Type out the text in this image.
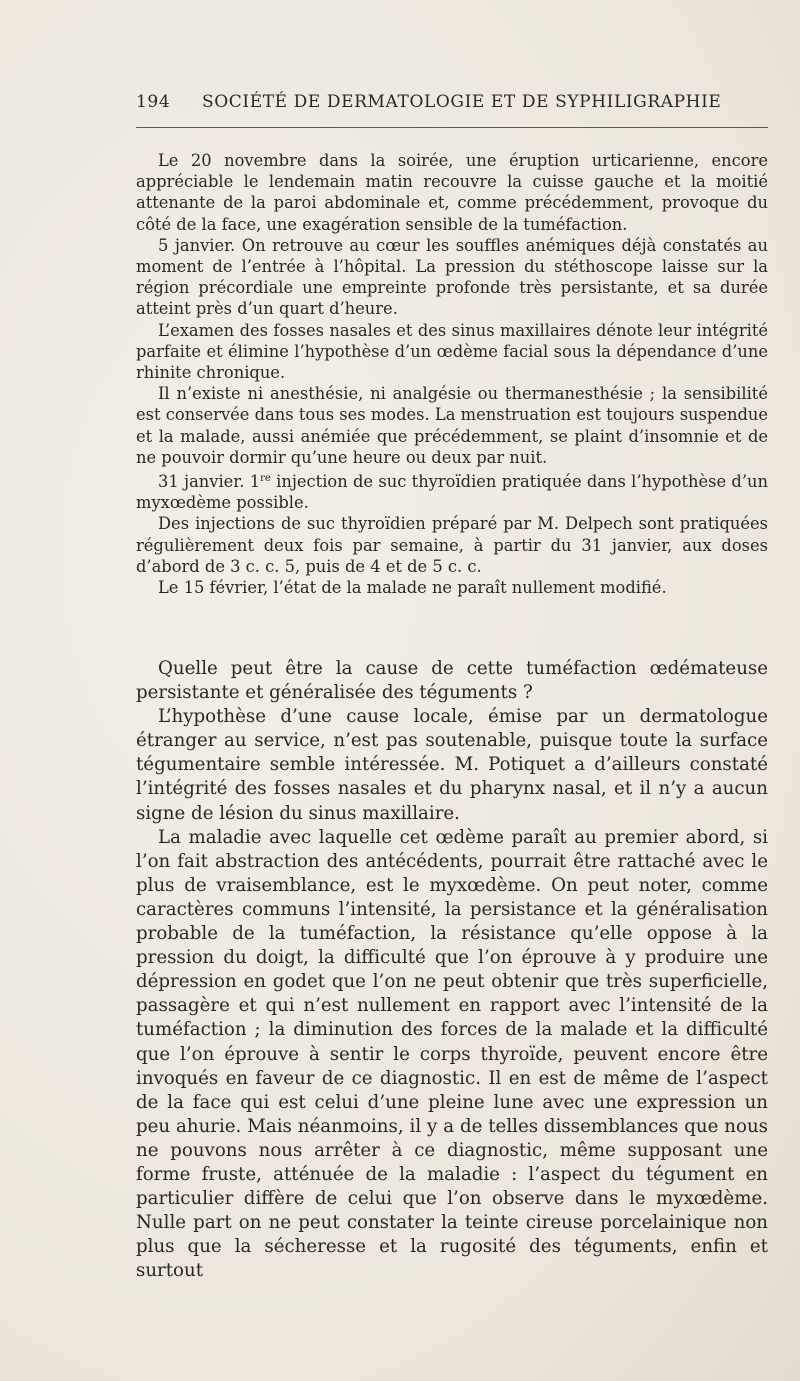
194 SOCIÉTÉ DE DERMATOLOGIE ET DE SYPHILIGRAPHIE

Le 20 novembre dans la soirée, une éruption urticarienne, encore appréciable le lendemain matin recouvre la cuisse gauche et la moitié attenante de la paroi abdominale et, comme précédemment, provoque du côté de la face, une exagération sensible de la tuméfaction.

5 janvier. On retrouve au cœur les souffles anémiques déjà constatés au moment de l’entrée à l’hôpital. La pression du stéthoscope laisse sur la région précordiale une empreinte profonde très persistante, et sa durée atteint près d’un quart d’heure.

L’examen des fosses nasales et des sinus maxillaires dénote leur intégrité parfaite et élimine l’hypothèse d’un œdème facial sous la dépendance d’une rhinite chronique.

Il n’existe ni anesthésie, ni analgésie ou thermanesthésie ; la sensibilité est conservée dans tous ses modes. La menstruation est toujours suspendue et la malade, aussi anémiée que précédemment, se plaint d’insomnie et de ne pouvoir dormir qu’une heure ou deux par nuit.

31 janvier. 1re injection de suc thyroïdien pratiquée dans l’hypothèse d’un myxœdème possible.

Des injections de suc thyroïdien préparé par M. Delpech sont pratiquées régulièrement deux fois par semaine, à partir du 31 janvier, aux doses d’abord de 3 c. c. 5, puis de 4 et de 5 c. c.

Le 15 février, l’état de la malade ne paraît nullement modifié.

Quelle peut être la cause de cette tuméfaction œdémateuse persistante et généralisée des téguments ?

L’hypothèse d’une cause locale, émise par un dermatologue étranger au service, n’est pas soutenable, puisque toute la surface tégumentaire semble intéressée. M. Potiquet a d’ailleurs constaté l’intégrité des fosses nasales et du pharynx nasal, et il n’y a aucun signe de lésion du sinus maxillaire.

La maladie avec laquelle cet œdème paraît au premier abord, si l’on fait abstraction des antécédents, pourrait être rattaché avec le plus de vraisemblance, est le myxœdème. On peut noter, comme caractères communs l’intensité, la persistance et la généralisation probable de la tuméfaction, la résistance qu’elle oppose à la pression du doigt, la difficulté que l’on éprouve à y produire une dépression en godet que l’on ne peut obtenir que très superficielle, passagère et qui n’est nullement en rapport avec l’intensité de la tuméfaction ; la diminution des forces de la malade et la difficulté que l’on éprouve à sentir le corps thyroïde, peuvent encore être invoqués en faveur de ce diagnostic. Il en est de même de l’aspect de la face qui est celui d’une pleine lune avec une expression un peu ahurie. Mais néanmoins, il y a de telles dissemblances que nous ne pouvons nous arrêter à ce diagnostic, même supposant une forme fruste, atténuée de la maladie : l’aspect du tégument en particulier diffère de celui que l’on observe dans le myxœdème. Nulle part on ne peut constater la teinte cireuse porcelainique non plus que la sécheresse et la rugosité des téguments, enfin et surtout
